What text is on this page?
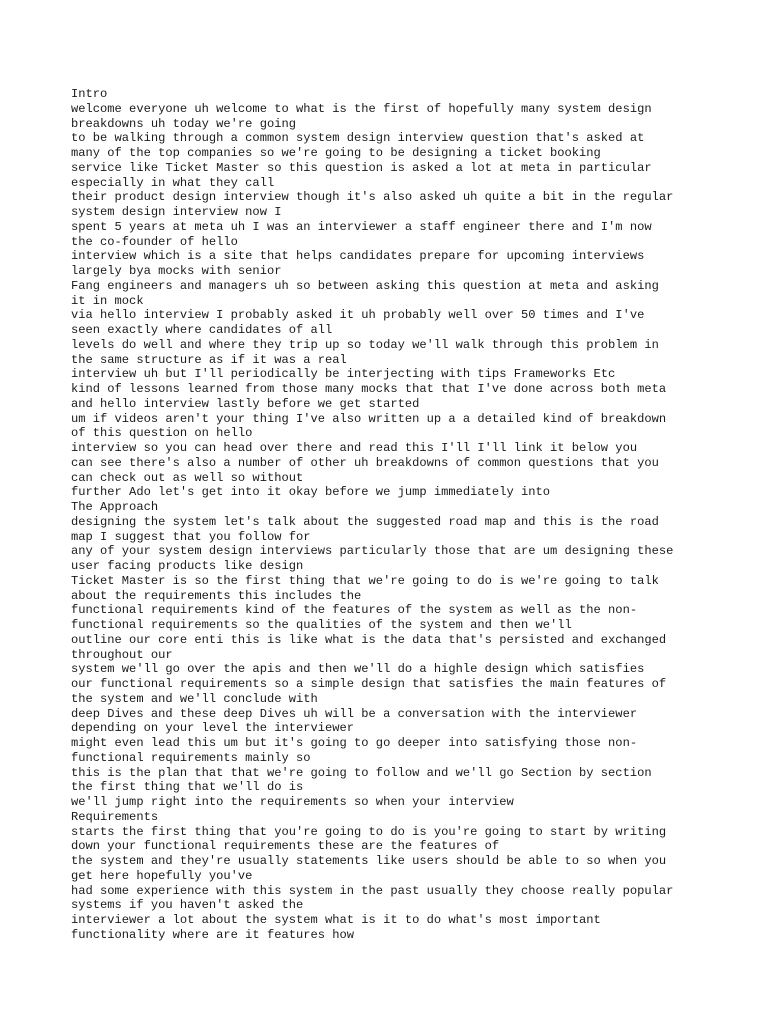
Intro
welcome everyone uh welcome to what is the first of hopefully many system design
breakdowns uh today we're going
to be walking through a common system design interview question that's asked at
many of the top companies so we're going to be designing a ticket booking
service like Ticket Master so this question is asked a lot at meta in particular
especially in what they call
their product design interview though it's also asked uh quite a bit in the regular
system design interview now I
spent 5 years at meta uh I was an interviewer a staff engineer there and I'm now
the co-founder of hello
interview which is a site that helps candidates prepare for upcoming interviews
largely bya mocks with senior
Fang engineers and managers uh so between asking this question at meta and asking
it in mock
via hello interview I probably asked it uh probably well over 50 times and I've
seen exactly where candidates of all
levels do well and where they trip up so today we'll walk through this problem in
the same structure as if it was a real
interview uh but I'll periodically be interjecting with tips Frameworks Etc
kind of lessons learned from those many mocks that that I've done across both meta
and hello interview lastly before we get started
um if videos aren't your thing I've also written up a a detailed kind of breakdown
of this question on hello
interview so you can head over there and read this I'll I'll link it below you
can see there's also a number of other uh breakdowns of common questions that you
can check out as well so without
further Ado let's get into it okay before we jump immediately into
The Approach
designing the system let's talk about the suggested road map and this is the road
map I suggest that you follow for
any of your system design interviews particularly those that are um designing these
user facing products like design
Ticket Master is so the first thing that we're going to do is we're going to talk
about the requirements this includes the
functional requirements kind of the features of the system as well as the non-
functional requirements so the qualities of the system and then we'll
outline our core enti this is like what is the data that's persisted and exchanged
throughout our
system we'll go over the apis and then we'll do a highle design which satisfies
our functional requirements so a simple design that satisfies the main features of
the system and we'll conclude with
deep Dives and these deep Dives uh will be a conversation with the interviewer
depending on your level the interviewer
might even lead this um but it's going to go deeper into satisfying those non-
functional requirements mainly so
this is the plan that that we're going to follow and we'll go Section by section
the first thing that we'll do is
we'll jump right into the requirements so when your interview
Requirements
starts the first thing that you're going to do is you're going to start by writing
down your functional requirements these are the features of
the system and they're usually statements like users should be able to so when you
get here hopefully you've
had some experience with this system in the past usually they choose really popular
systems if you haven't asked the
interviewer a lot about the system what is it to do what's most important
functionality where are it features how
